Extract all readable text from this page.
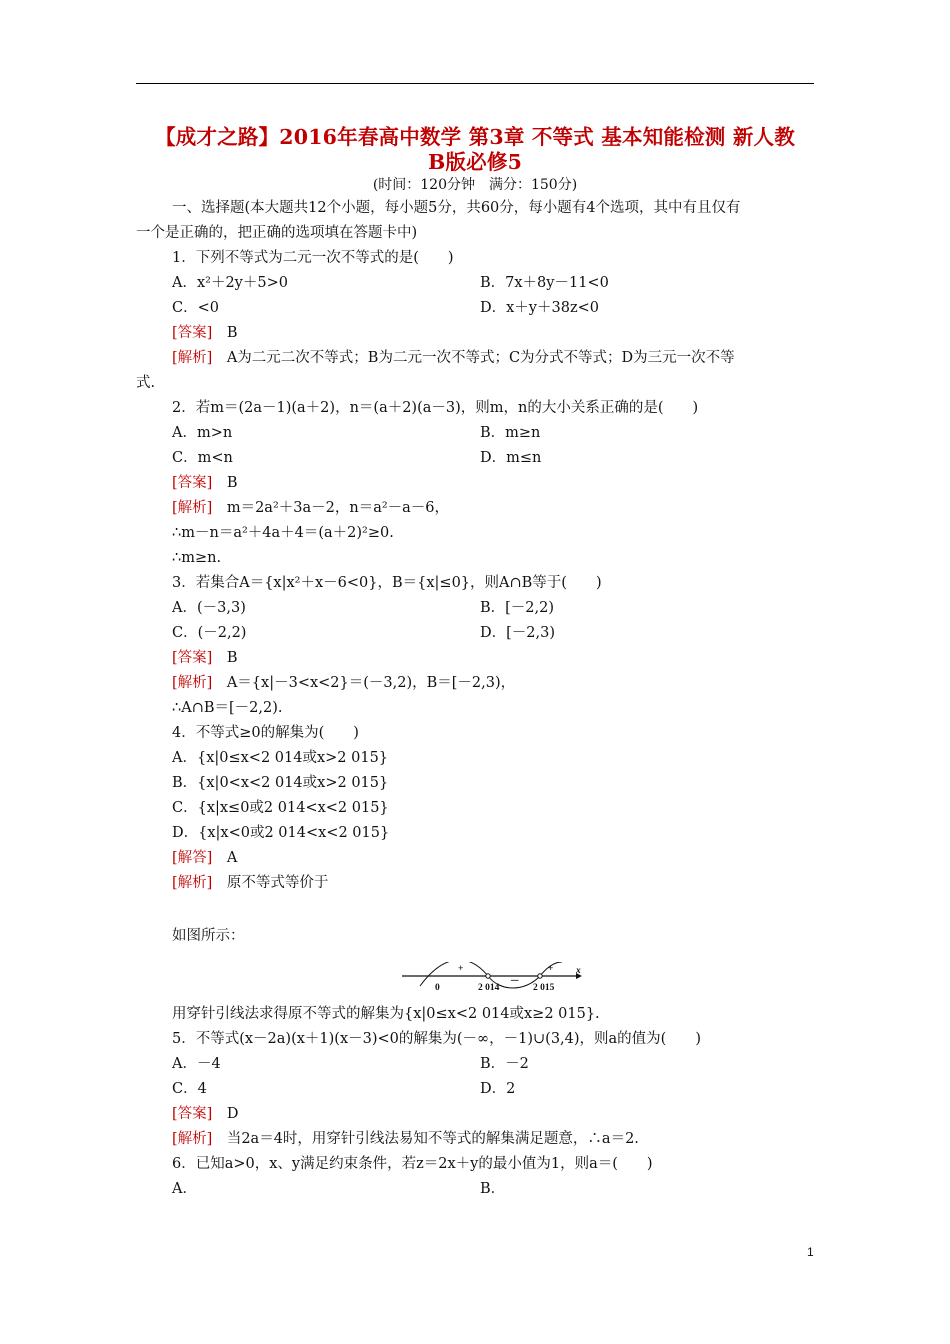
【成才之路】2016年春高中数学 第3章 不等式 基本知能检测 新人教
B版必修5
(时间：120分钟　满分：150分)
一、选择题(本大题共12个小题，每小题5分，共60分，每小题有4个选项，其中有且仅有
一个是正确的，把正确的选项填在答题卡中)
1．下列不等式为二元一次不等式的是(　　)
A．x²＋2y＋5>0	B．7x＋8y－11<0
C．<0	D．x＋y＋38z<0
[答案]　 B
[解析]　 A为二元二次不等式；B为二元一次不等式；C为分式不等式；D为三元一次不等
式.
2．若m＝(2a－1)(a＋2)，n＝(a＋2)(a－3)，则m，n的大小关系正确的是(　　)
A．m>n	B．m≥n
C．m<n	D．m≤n
[答案]　 B
[解析]　 m＝2a²＋3a－2，n＝a²－a－6，
∴m－n＝a²＋4a＋4＝(a＋2)²≥0.
∴m≥n.
3．若集合A＝{x|x²＋x－6<0}，B＝{x|≤0}，则A∩B等于(　　)
A．(－3,3)	B．[－2,2)
C．(－2,2)	D．[－2,3)
[答案]　 B
[解析]　 A＝{x|－3<x<2}＝(－3,2)，B＝[－2,3)，
∴A∩B＝[－2,2).
4．不等式≥0的解集为(　　)
A．{x|0≤x<2 014或x>2 015}
B．{x|0<x<2 014或x>2 015}
C．{x|x≤0或2 014<x<2 015}
D．{x|x<0或2 014<x<2 015}
[解答]　 A
[解析]　 原不等式等价于
如图所示：
+
－
+
0	2 014	2 015
x
用穿针引线法求得原不等式的解集为{x|0≤x<2 014或x≥2 015}.
5．不等式(x－2a)(x＋1)(x－3)<0的解集为(－∞，－1)∪(3,4)，则a的值为(　　)
A．－4	B．－2
C．4	D．2
[答案]　 D
[解析]　 当2a＝4时，用穿针引线法易知不等式的解集满足题意，∴a＝2.
6．已知a>0，x、y满足约束条件，若z＝2x＋y的最小值为1，则a＝(　　)
A．	B．
1
